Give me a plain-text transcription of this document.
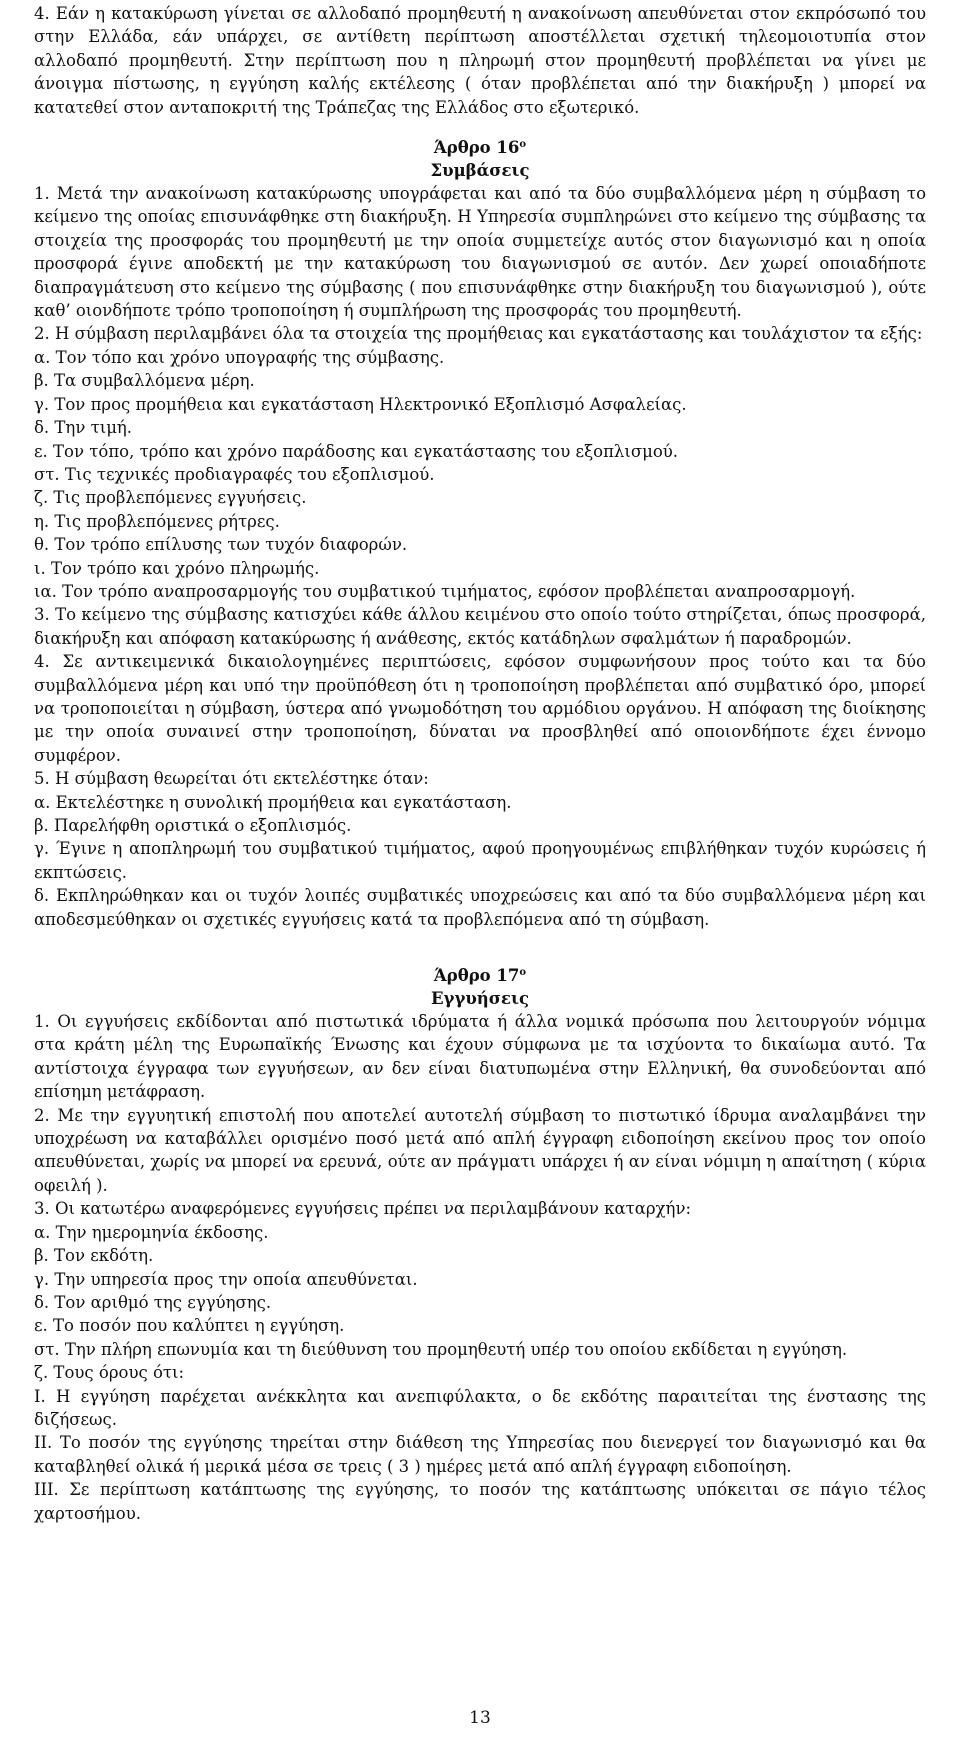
4. Εάν η κατακύρωση γίνεται σε αλλοδαπό προμηθευτή η ανακοίνωση απευθύνεται στον εκπρόσωπό του στην Ελλάδα, εάν υπάρχει, σε αντίθετη περίπτωση αποστέλλεται σχετική τηλεομοιοτυπία στον αλλοδαπό προμηθευτή. Στην περίπτωση που η πληρωμή στον προμηθευτή προβλέπεται να γίνει με άνοιγμα πίστωσης, η εγγύηση καλής εκτέλεσης ( όταν προβλέπεται από την διακήρυξη ) μπορεί να κατατεθεί στον ανταποκριτή της Τράπεζας της Ελλάδος στο εξωτερικό.

Άρθρο $16^o$

Συμβάσεις

1. Μετά την ανακοίνωση κατακύρωσης υπογράφεται και από τα δύο συμβαλλόμενα μέρη η σύμβαση το κείμενο της οποίας επισυνάφθηκε στη διακήρυξη. Η Υπηρεσία συμπληρώνει στο κείμενο της σύμβασης τα στοιχεία της προσφοράς του προμηθευτή με την οποία συμμετείχε αυτός στον διαγωνισμό και η οποία προσφορά έγινε αποδεκτή με την κατακύρωση του διαγωνισμού σε αυτόν. Δεν χωρεί οποιαδήποτε διαπραγμάτευση στο κείμενο της σύμβασης ( που επισυνάφθηκε στην διακήρυξη του διαγωνισμού ), ούτε καθ’ οιονδήποτε τρόπο τροποποίηση ή συμπλήρωση της προσφοράς του προμηθευτή.

2. Η σύμβαση περιλαμβάνει όλα τα στοιχεία της προμήθειας και εγκατάστασης και τουλάχιστον τα εξής:

α. Τον τόπο και χρόνο υπογραφής της σύμβασης.

β. Τα συμβαλλόμενα μέρη.

γ. Τον προς προμήθεια και εγκατάσταση Ηλεκτρονικό Εξοπλισμό Ασφαλείας.

δ. Την τιμή.

ε. Τον τόπο, τρόπο και χρόνο παράδοσης και εγκατάστασης του εξοπλισμού.

στ. Τις τεχνικές προδιαγραφές του εξοπλισμού.

ζ. Τις προβλεπόμενες εγγυήσεις.

η. Τις προβλεπόμενες ρήτρες.

θ. Τον τρόπο επίλυσης των τυχόν διαφορών.

ι. Τον τρόπο και χρόνο πληρωμής.

ια. Τον τρόπο αναπροσαρμογής του συμβατικού τιμήματος, εφόσον προβλέπεται αναπροσαρμογή.

3. Το κείμενο της σύμβασης κατισχύει κάθε άλλου κειμένου στο οποίο τούτο στηρίζεται, όπως προσφορά, διακήρυξη και απόφαση κατακύρωσης ή ανάθεσης, εκτός κατάδηλων σφαλμάτων ή παραδρομών.

4. Σε αντικειμενικά δικαιολογημένες περιπτώσεις, εφόσον συμφωνήσουν προς τούτο και τα δύο συμβαλλόμενα μέρη και υπό την προϋπόθεση ότι η τροποποίηση προβλέπεται από συμβατικό όρο, μπορεί να τροποποιείται η σύμβαση, ύστερα από γνωμοδότηση του αρμόδιου οργάνου. Η απόφαση της διοίκησης με την οποία συναινεί στην τροποποίηση, δύναται να προσβληθεί από οποιονδήποτε έχει έννομο συμφέρον.

5. Η σύμβαση θεωρείται ότι εκτελέστηκε όταν:

α. Εκτελέστηκε η συνολική προμήθεια και εγκατάσταση.

β. Παρελήφθη οριστικά ο εξοπλισμός.

γ. Έγινε η αποπληρωμή του συμβατικού τιμήματος, αφού προηγουμένως επιβλήθηκαν τυχόν κυρώσεις ή εκπτώσεις.

δ. Εκπληρώθηκαν και οι τυχόν λοιπές συμβατικές υποχρεώσεις και από τα δύο συμβαλλόμενα μέρη και αποδεσμεύθηκαν οι σχετικές εγγυήσεις κατά τα προβλεπόμενα από τη σύμβαση.

Άρθρο $17^o$

Εγγυήσεις

1. Οι εγγυήσεις εκδίδονται από πιστωτικά ιδρύματα ή άλλα νομικά πρόσωπα που λειτουργούν νόμιμα στα κράτη μέλη της Ευρωπαϊκής Ένωσης και έχουν σύμφωνα με τα ισχύοντα το δικαίωμα αυτό. Τα αντίστοιχα έγγραφα των εγγυήσεων, αν δεν είναι διατυπωμένα στην Ελληνική, θα συνοδεύονται από επίσημη μετάφραση.

2. Με την εγγυητική επιστολή που αποτελεί αυτοτελή σύμβαση το πιστωτικό ίδρυμα αναλαμβάνει την υποχρέωση να καταβάλλει ορισμένο ποσό μετά από απλή έγγραφη ειδοποίηση εκείνου προς τον οποίο απευθύνεται, χωρίς να μπορεί να ερευνά, ούτε αν πράγματι υπάρχει ή αν είναι νόμιμη η απαίτηση ( κύρια οφειλή ).

3. Οι κατωτέρω αναφερόμενες εγγυήσεις πρέπει να περιλαμβάνουν καταρχήν:

α. Την ημερομηνία έκδοσης.

β. Τον εκδότη.

γ. Την υπηρεσία προς την οποία απευθύνεται.

δ. Τον αριθμό της εγγύησης.

ε. Το ποσόν που καλύπτει η εγγύηση.

στ. Την πλήρη επωνυμία και τη διεύθυνση του προμηθευτή υπέρ του οποίου εκδίδεται η εγγύηση.

ζ. Τους όρους ότι:

Ι. Η εγγύηση παρέχεται ανέκκλητα και ανεπιφύλακτα, ο δε εκδότης παραιτείται της ένστασης της διζήσεως.

ΙΙ. Το ποσόν της εγγύησης τηρείται στην διάθεση της Υπηρεσίας που διενεργεί τον διαγωνισμό και θα καταβληθεί ολικά ή μερικά μέσα σε τρεις ( 3 ) ημέρες μετά από απλή έγγραφη ειδοποίηση.

ΙΙΙ. Σε περίπτωση κατάπτωσης της εγγύησης, το ποσόν της κατάπτωσης υπόκειται σε πάγιο τέλος χαρτοσήμου.

13
